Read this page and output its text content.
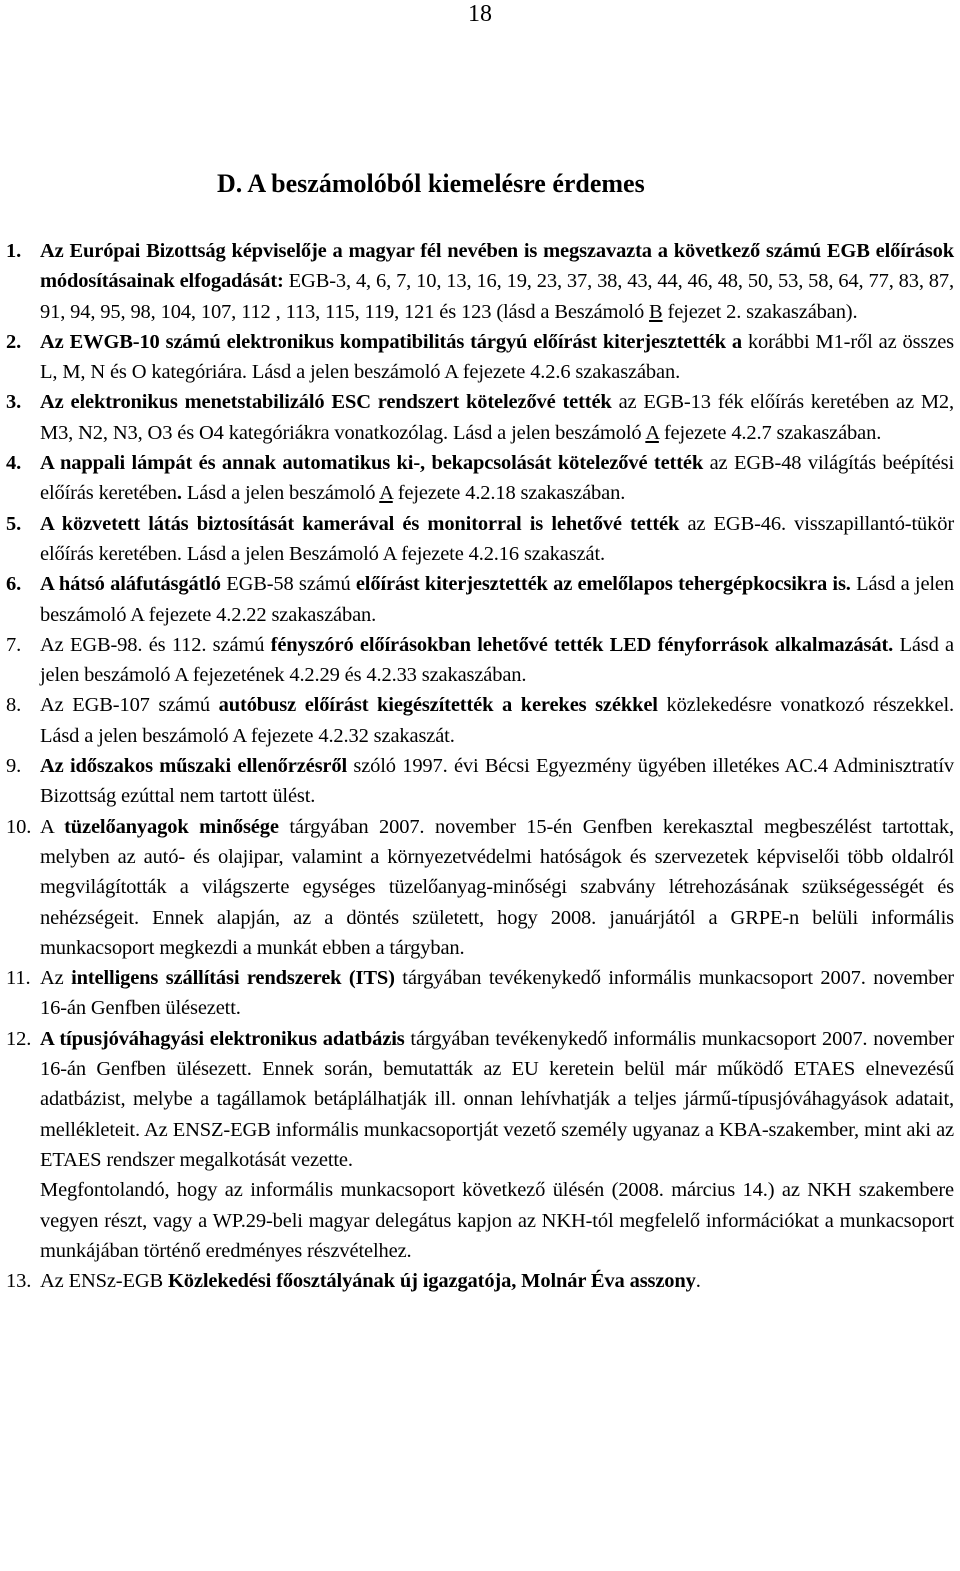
18
D. A beszámolóból kiemelésre érdemes
1. Az Európai Bizottság képviselője a magyar fél nevében is megszavazta a következő számú EGB előírások módosításainak elfogadását: EGB-3, 4, 6, 7, 10, 13, 16, 19, 23, 37, 38, 43, 44, 46, 48, 50, 53, 58, 64, 77, 83, 87, 91, 94, 95, 98, 104, 107, 112 , 113, 115, 119, 121 és 123 (lásd a Beszámoló B fejezet 2. szakaszában).
2. Az EWGB-10 számú elektronikus kompatibilitás tárgyú előírást kiterjesztették a korábbi M1-ről az összes L, M, N és O kategóriára. Lásd a jelen beszámoló A fejezete 4.2.6 szakaszában.
3. Az elektronikus menetstabilizáló ESC rendszert kötelezővé tették az EGB-13 fék előírás keretében az M2, M3, N2, N3, O3 és O4 kategóriákra vonatkozólag. Lásd a jelen beszámoló A fejezete 4.2.7 szakaszában.
4. A nappali lámpát és annak automatikus ki-, bekapcsolását kötelezővé tették az EGB-48 világítás beépítési előírás keretében. Lásd a jelen beszámoló A fejezete 4.2.18 szakaszában.
5. A közvetett látás biztosítását kamerával és monitorral is lehetővé tették az EGB-46. visszapillantó-tükör előírás keretében. Lásd a jelen Beszámoló A fejezete 4.2.16 szakaszát.
6. A hátsó aláfutásgátló EGB-58 számú előírást kiterjesztették az emelőlapos tehergépkocsikra is. Lásd a jelen beszámoló A fejezete 4.2.22 szakaszában.
7. Az EGB-98. és 112. számú fényszóró előírásokban lehetővé tették LED fényforrások alkalmazását. Lásd a jelen beszámoló A fejezetének 4.2.29 és 4.2.33 szakaszában.
8. Az EGB-107 számú autóbusz előírást kiegészítették a kerekes székkel közlekedésre vonatkozó részekkel. Lásd a jelen beszámoló A fejezete 4.2.32 szakaszát.
9. Az időszakos műszaki ellenőrzésről szóló 1997. évi Bécsi Egyezmény ügyében illetékes AC.4 Adminisztratív Bizottság ezúttal nem tartott ülést.
10. A tüzelőanyagok minősége tárgyában 2007. november 15-én Genfben kerekasztal megbeszélést tartottak, melyben az autó- és olajipar, valamint a környezetvédelmi hatóságok és szervezetek képviselői több oldalról megvilágították a világszerte egységes tüzelőanyag-minőségi szabvány létrehozásának szükségességét és nehézségeit. Ennek alapján, az a döntés született, hogy 2008. januárjától a GRPE-n belüli informális munkacsoport megkezdi a munkát ebben a tárgyban.
11. Az intelligens szállítási rendszerek (ITS) tárgyában tevékenykedő informális munkacsoport 2007. november 16-án Genfben ülésezett.
12. A típusjóváhagyási elektronikus adatbázis tárgyában tevékenykedő informális munkacsoport 2007. november 16-án Genfben ülésezett. Ennek során, bemutatták az EU keretein belül már működő ETAES elnevezésű adatbázist, melybe a tagállamok betáplálhatják ill. onnan lehívhatják a teljes jármű-típusjóváhagyások adatait, mellékleteit. Az ENSZ-EGB informális munkacsoportját vezető személy ugyanaz a KBA-szakember, mint aki az ETAES rendszer megalkotását vezette.
Megfontolandó, hogy az informális munkacsoport következő ülésén (2008. március 14.) az NKH szakembere vegyen részt, vagy a WP.29-beli magyar delegátus kapjon az NKH-tól megfelelő információkat a munkacsoport munkájában történő eredményes részvételhez.
13. Az ENSz-EGB Közlekedési főosztályának új igazgatója, Molnár Éva asszony.
